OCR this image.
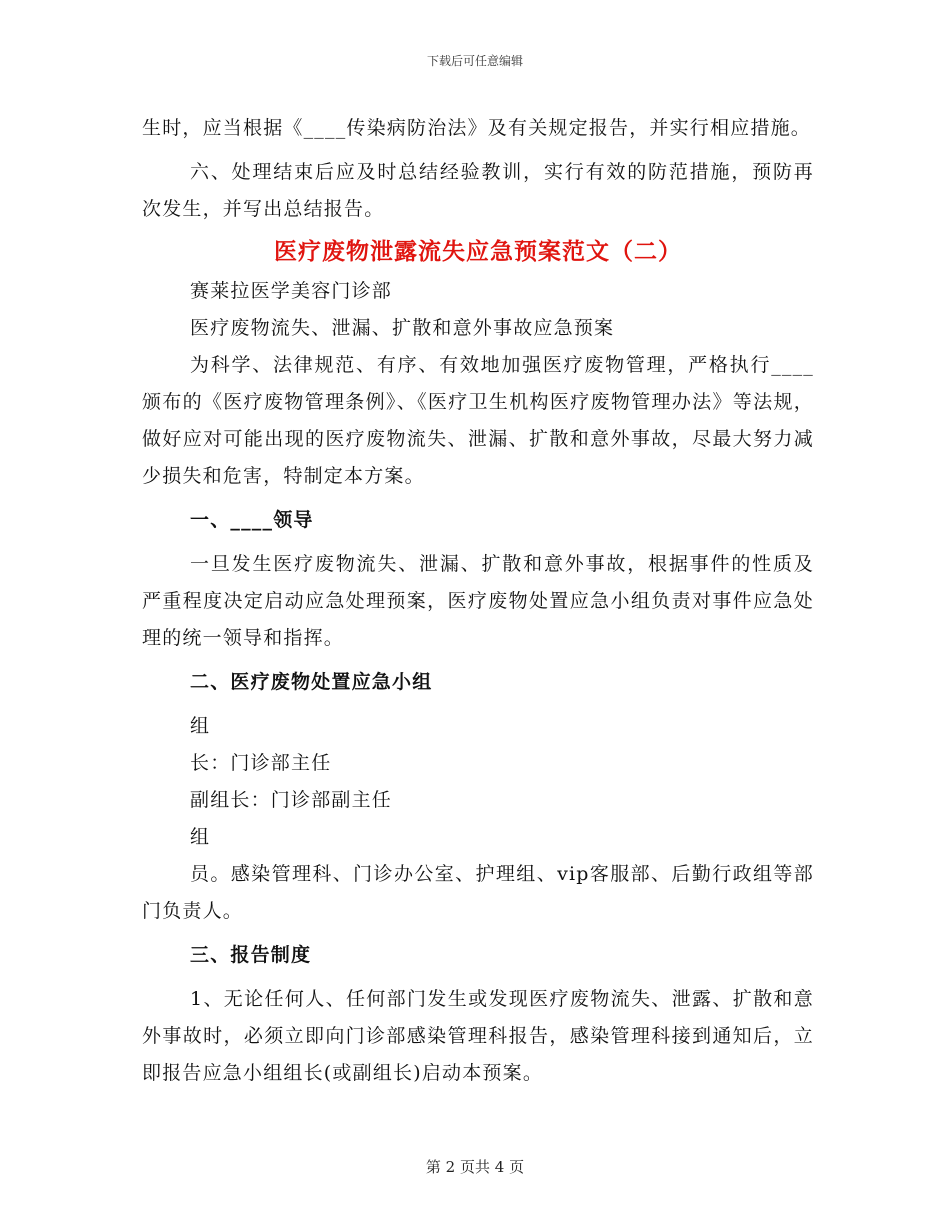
下载后可任意编辑

生时，应当根据《____传染病防治法》及有关规定报告，并实行相应措施。

六、处理结束后应及时总结经验教训，实行有效的防范措施，预防再次发生，并写出总结报告。

医疗废物泄露流失应急预案范文（二）

赛莱拉医学美容门诊部

医疗废物流失、泄漏、扩散和意外事故应急预案

为科学、法律规范、有序、有效地加强医疗废物管理，严格执行____颁布的《医疗废物管理条例》、《医疗卫生机构医疗废物管理办法》等法规，做好应对可能出现的医疗废物流失、泄漏、扩散和意外事故，尽最大努力减少损失和危害，特制定本方案。

一、____领导

一旦发生医疗废物流失、泄漏、扩散和意外事故，根据事件的性质及严重程度决定启动应急处理预案，医疗废物处置应急小组负责对事件应急处理的统一领导和指挥。

二、医疗废物处置应急小组

组

长：门诊部主任

副组长：门诊部副主任

组

员。感染管理科、门诊办公室、护理组、vip客服部、后勤行政组等部门负责人。

三、报告制度

1、无论任何人、任何部门发生或发现医疗废物流失、泄露、扩散和意外事故时，必须立即向门诊部感染管理科报告，感染管理科接到通知后，立即报告应急小组组长(或副组长)启动本预案。

第 2 页共 4 页
